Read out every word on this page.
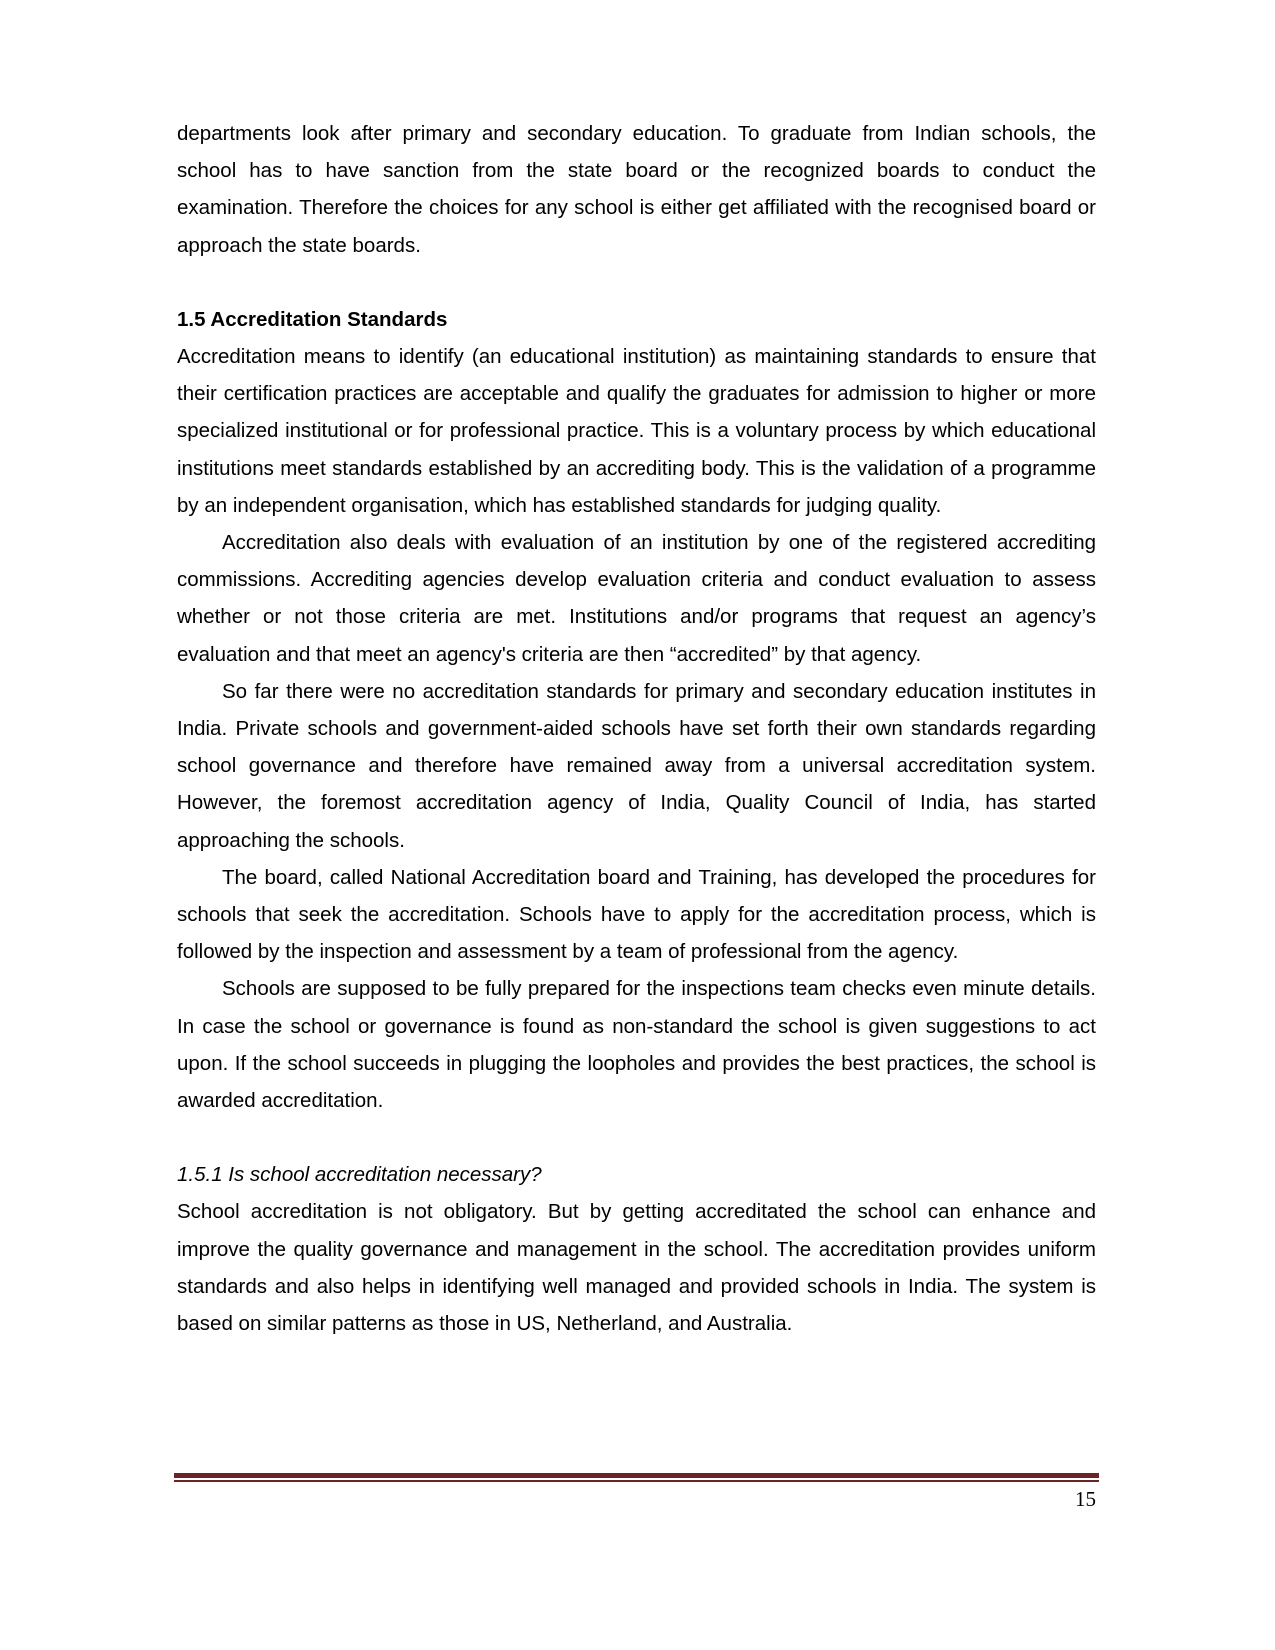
departments look after primary and secondary education. To graduate from Indian schools, the school has to have sanction from the state board or the recognized boards to conduct the examination. Therefore the choices for any school is either get affiliated with the recognised board or approach the state boards.

1.5 Accreditation Standards

Accreditation means to identify (an educational institution) as maintaining standards to ensure that their certification practices are acceptable and qualify the graduates for admission to higher or more specialized institutional or for professional practice. This is a voluntary process by which educational institutions meet standards established by an accrediting body. This is the validation of a programme by an independent organisation, which has established standards for judging quality.

Accreditation also deals with evaluation of an institution by one of the registered accrediting commissions. Accrediting agencies develop evaluation criteria and conduct evaluation to assess whether or not those criteria are met. Institutions and/or programs that request an agency’s evaluation and that meet an agency's criteria are then “accredited” by that agency.

So far there were no accreditation standards for primary and secondary education institutes in India. Private schools and government-aided schools have set forth their own standards regarding school governance and therefore have remained away from a universal accreditation system. However, the foremost accreditation agency of India, Quality Council of India, has started approaching the schools.

The board, called National Accreditation board and Training, has developed the procedures for schools that seek the accreditation. Schools have to apply for the accreditation process, which is followed by the inspection and assessment by a team of professional from the agency.

Schools are supposed to be fully prepared for the inspections team checks even minute details. In case the school or governance is found as non-standard the school is given suggestions to act upon. If the school succeeds in plugging the loopholes and provides the best practices, the school is awarded accreditation.

1.5.1 Is school accreditation necessary?

School accreditation is not obligatory. But by getting accreditated the school can enhance and improve the quality governance and management in the school. The accreditation provides uniform standards and also helps in identifying well managed and provided schools in India. The system is based on similar patterns as those in US, Netherland, and Australia.

15
